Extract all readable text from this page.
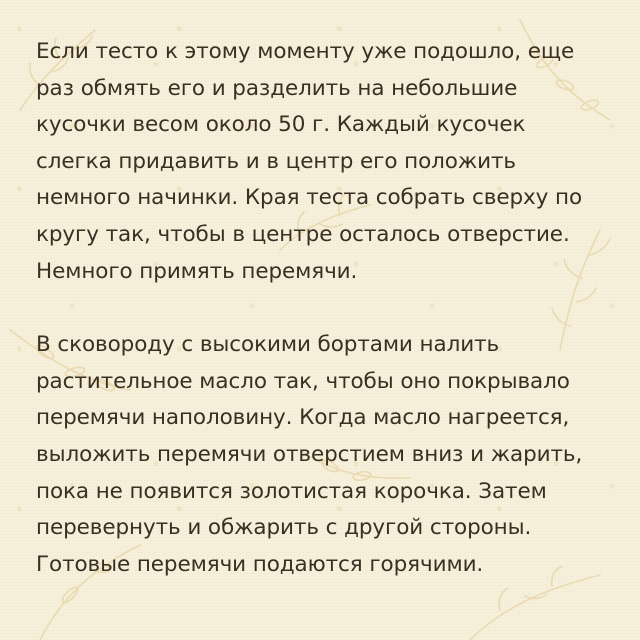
Если тесто к этому моменту уже подошло, еще
раз обмять его и разделить на небольшие
кусочки весом около 50 г. Каждый кусочек
слегка придавить и в центр его положить
немного начинки. Края теста собрать сверху по
кругу так, чтобы в центре осталось отверстие.
Немного примять перемячи.

В сковороду с высокими бортами налить
растительное масло так, чтобы оно покрывало
перемячи наполовину. Когда масло нагреется,
выложить перемячи отверстием вниз и жарить,
пока не появится золотистая корочка. Затем
перевернуть и обжарить с другой стороны.
Готовые перемячи подаются горячими.
